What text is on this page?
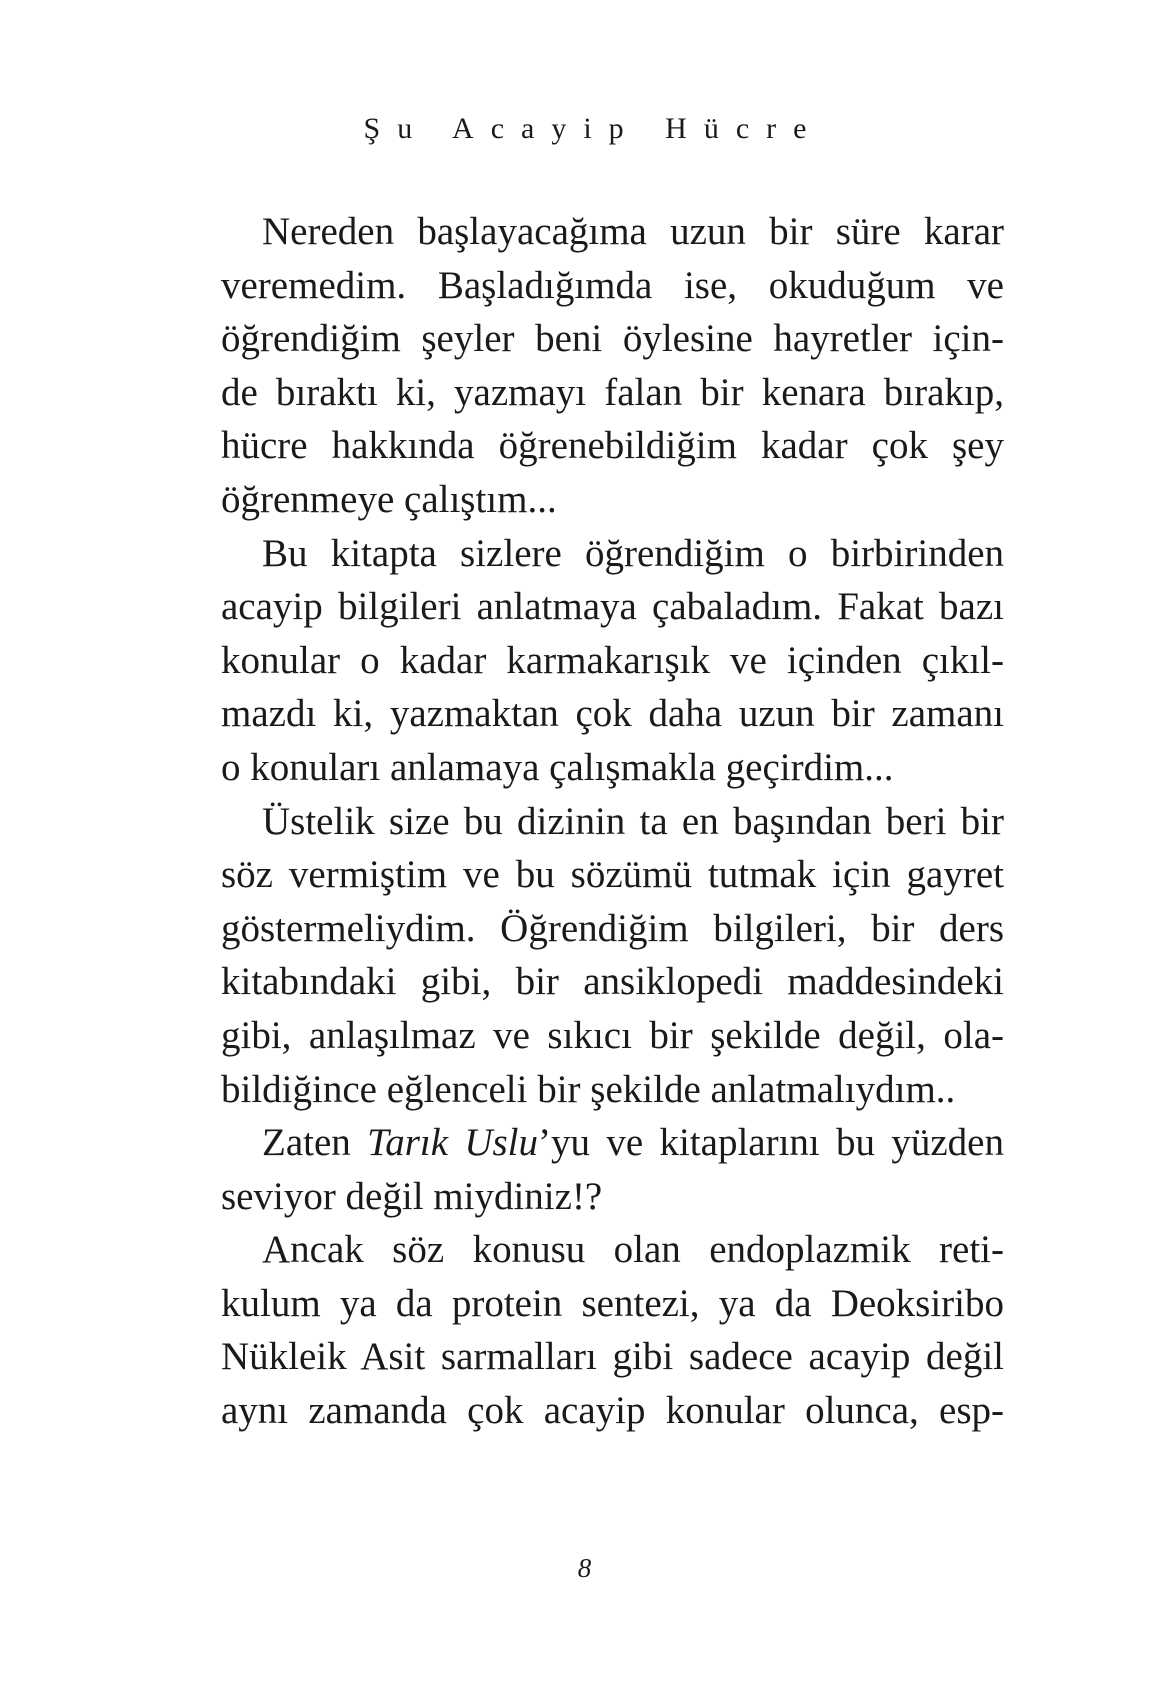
Şu Acayip Hücre
Nereden başlayacağıma uzun bir süre karar
veremedim. Başladığımda ise, okuduğum ve
öğrendiğim şeyler beni öylesine hayretler için-
de bıraktı ki, yazmayı falan bir kenara bırakıp,
hücre hakkında öğrenebildiğim kadar çok şey
öğrenmeye çalıştım...
Bu kitapta sizlere öğrendiğim o birbirinden
acayip bilgileri anlatmaya çabaladım. Fakat bazı
konular o kadar karmakarışık ve içinden çıkıl-
mazdı ki, yazmaktan çok daha uzun bir zamanı
o konuları anlamaya çalışmakla geçirdim...
Üstelik size bu dizinin ta en başından beri bir
söz vermiştim ve bu sözümü tutmak için gayret
göstermeliydim. Öğrendiğim bilgileri, bir ders
kitabındaki gibi, bir ansiklopedi maddesindeki
gibi, anlaşılmaz ve sıkıcı bir şekilde değil, ola-
bildiğince eğlenceli bir şekilde anlatmalıydım..
Zaten Tarık Uslu’yu ve kitaplarını bu yüzden
seviyor değil miydiniz!?
Ancak söz konusu olan endoplazmik reti-
kulum ya da protein sentezi, ya da Deoksiribo
Nükleik Asit sarmalları gibi sadece acayip değil
aynı zamanda çok acayip konular olunca, esp-
8
